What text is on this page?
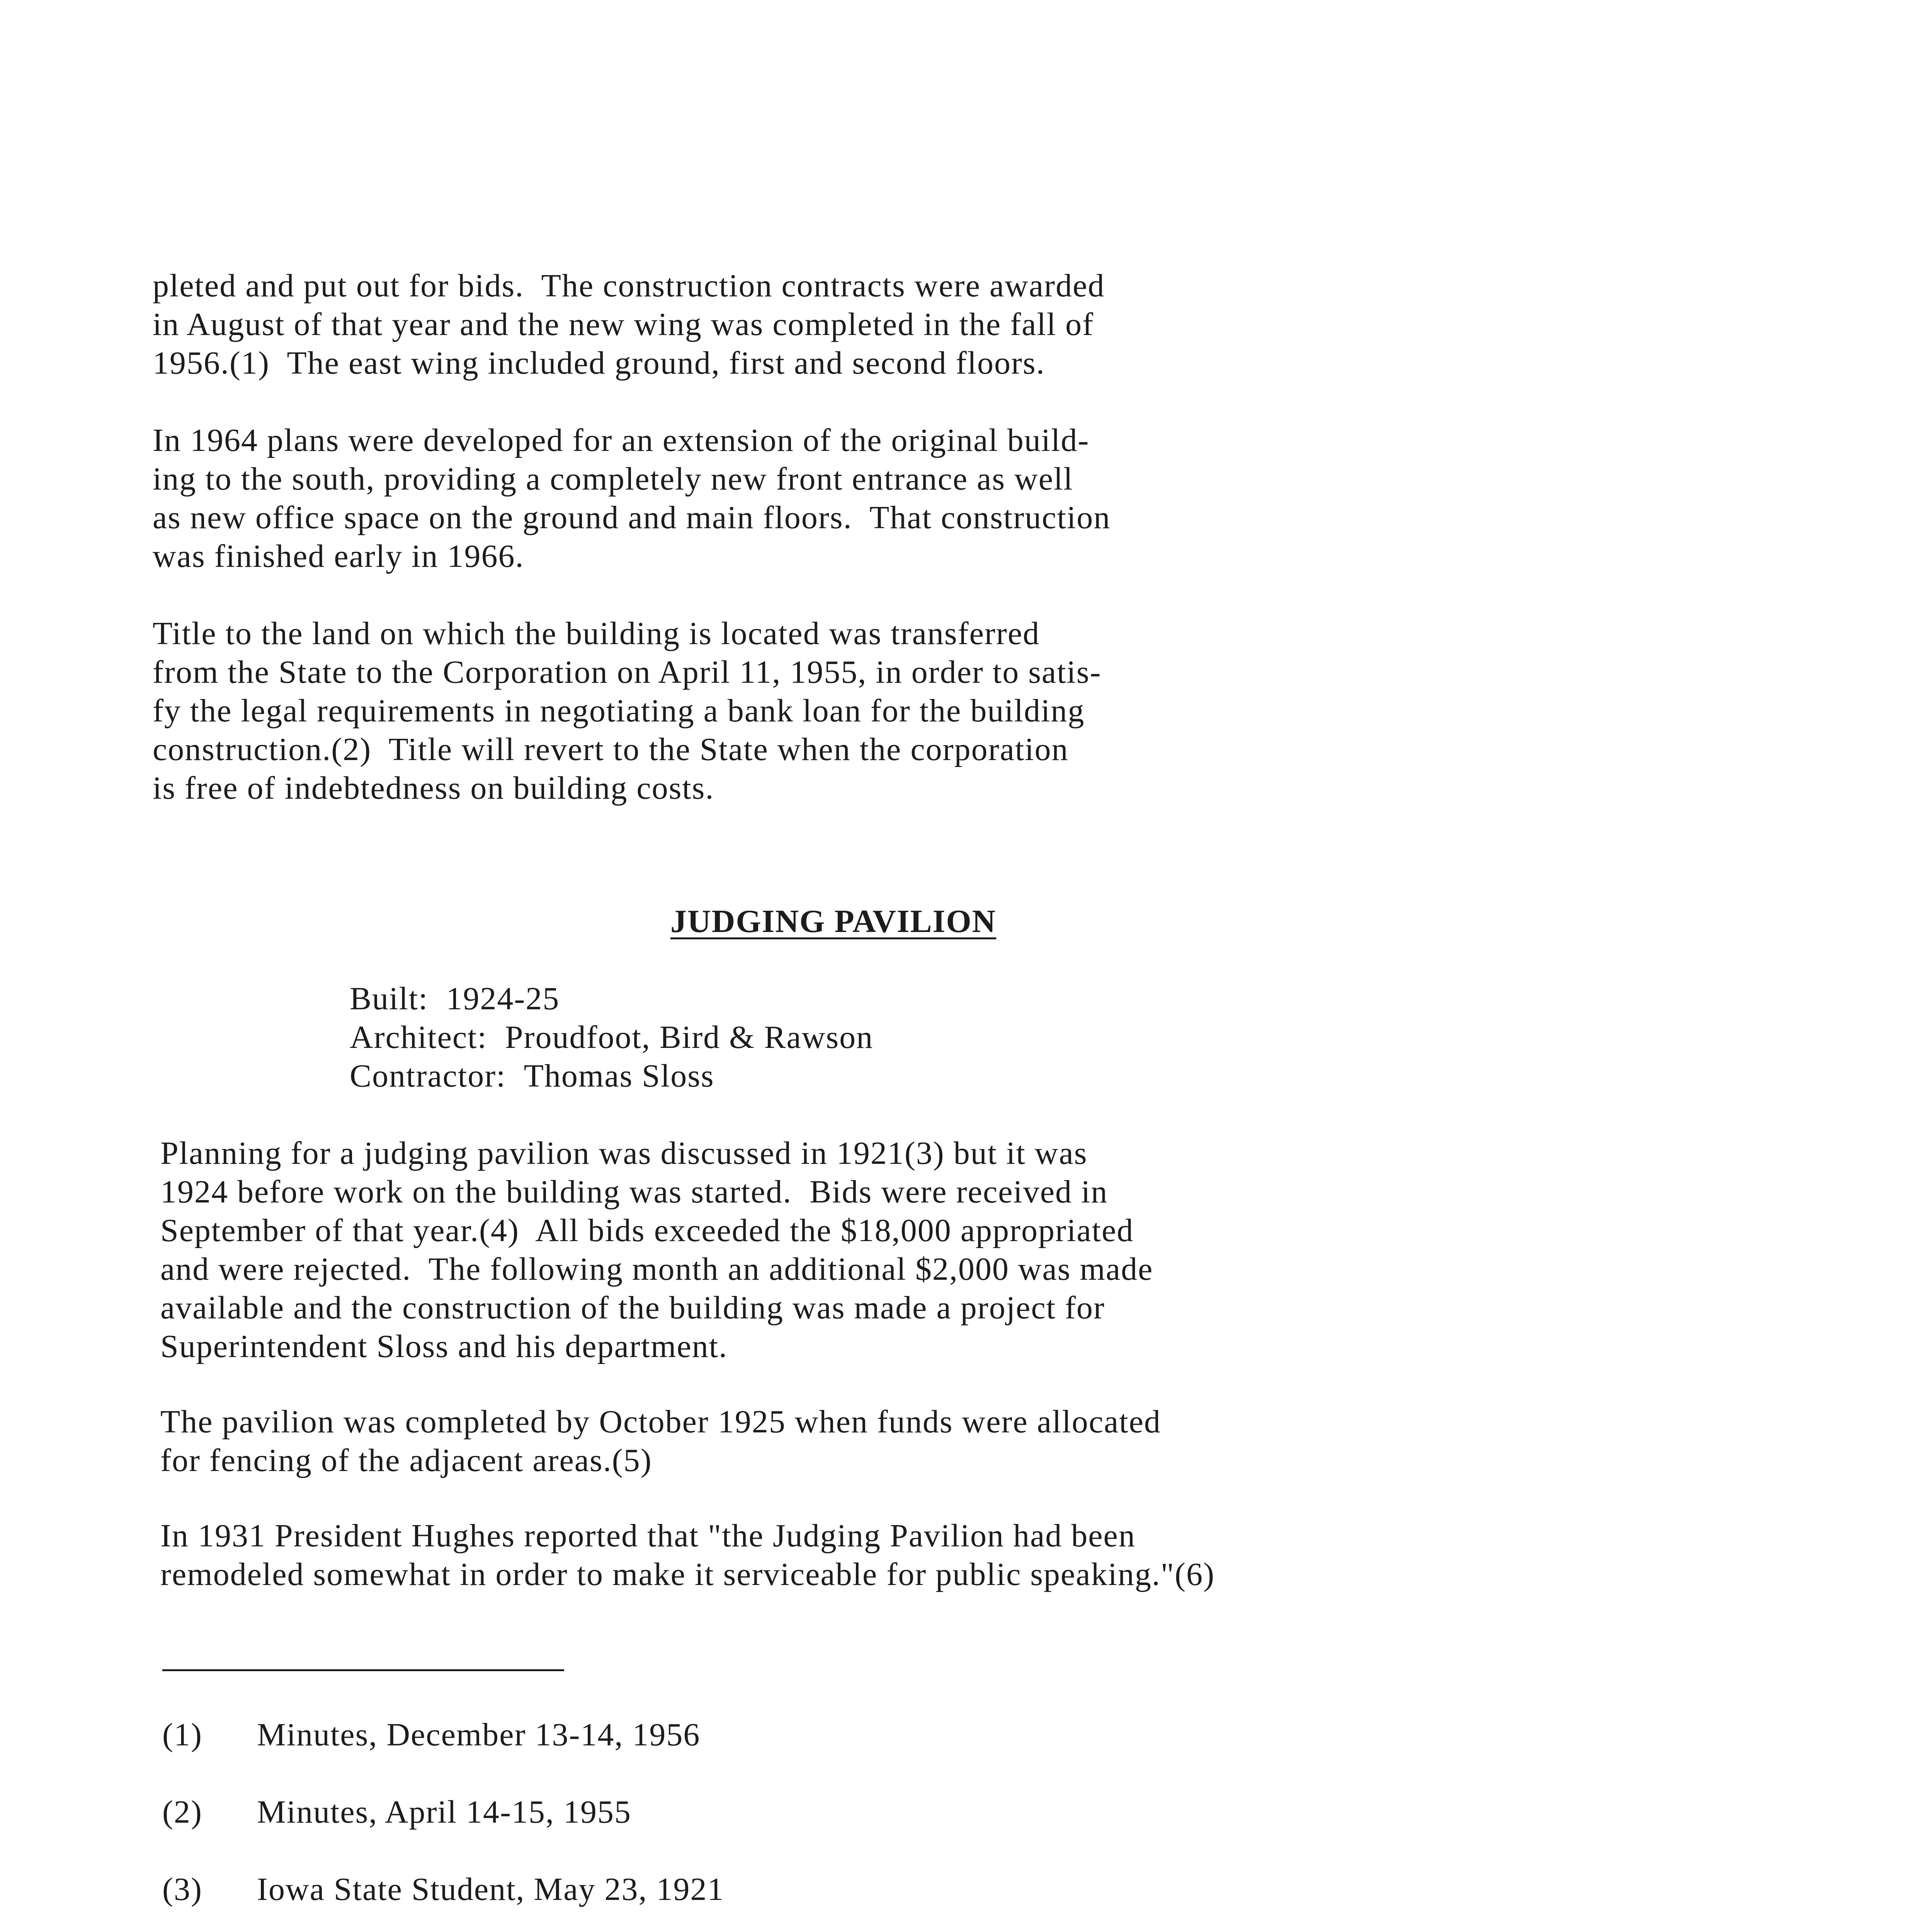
pleted and put out for bids.  The construction contracts were awarded
in August of that year and the new wing was completed in the fall of
1956.(1)  The east wing included ground, first and second floors.

In 1964 plans were developed for an extension of the original build-
ing to the south, providing a completely new front entrance as well
as new office space on the ground and main floors.  That construction
was finished early in 1966.

Title to the land on which the building is located was transferred
from the State to the Corporation on April 11, 1955, in order to satis-
fy the legal requirements in negotiating a bank loan for the building
construction.(2)  Title will revert to the State when the corporation
is free of indebtedness on building costs.

JUDGING PAVILION
Built:  1924-25
Architect:  Proudfoot, Bird & Rawson
Contractor:  Thomas Sloss

Planning for a judging pavilion was discussed in 1921(3) but it was
1924 before work on the building was started.  Bids were received in
September of that year.(4)  All bids exceeded the $18,000 appropriated
and were rejected.  The following month an additional $2,000 was made
available and the construction of the building was made a project for
Superintendent Sloss and his department.

The pavilion was completed by October 1925 when funds were allocated
for fencing of the adjacent areas.(5)

In 1931 President Hughes reported that "the Judging Pavilion had been
remodeled somewhat in order to make it serviceable for public speaking."(6)

(1) Minutes, December 13-14, 1956
(2) Minutes, April 14-15, 1955
(3) Iowa State Student, May 23, 1921
